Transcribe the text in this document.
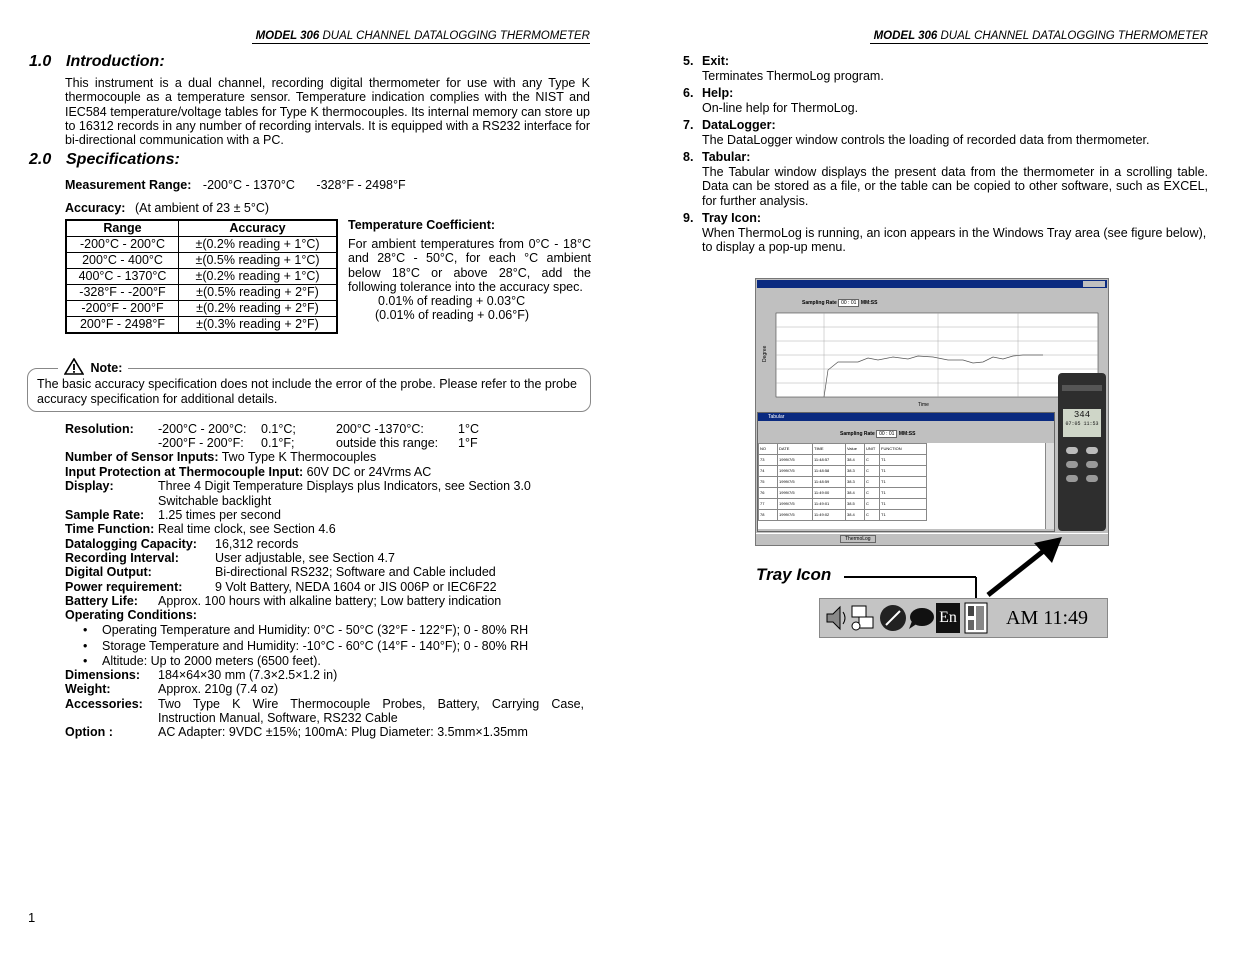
MODEL 306 DUAL CHANNEL DATALOGGING THERMOMETER	MODEL 306 DUAL CHANNEL DATALOGGING THERMOMETER
1.0 Introduction:
This instrument is a dual channel, recording digital thermometer for use with any Type K thermocouple as a temperature sensor. Temperature indication complies with the NIST and IEC584 temperature/voltage tables for Type K thermocouples. Its internal memory can store up to 16312 records in any number of recording intervals. It is equipped with a RS232 interface for bi-directional communication with a PC.
2.0 Specifications:
Measurement Range: -200°C - 1370°C -328°F - 2498°F
Accuracy: (At ambient of 23 ± 5°C)
Range	Accuracy
-200°C - 200°C	±(0.2% reading + 1°C)
200°C - 400°C	±(0.5% reading + 1°C)
400°C - 1370°C	±(0.2% reading + 1°C)
-328°F - -200°F	±(0.5% reading + 2°F)
-200°F - 200°F	±(0.2% reading + 2°F)
200°F - 2498°F	±(0.3% reading + 2°F)
Temperature Coefficient:
For ambient temperatures from 0°C - 18°C and 28°C - 50°C, for each °C ambient below 18°C or above 28°C, add the following tolerance into the accuracy spec.
0.01% of reading + 0.03°C
(0.01% of reading + 0.06°F)
Note:
The basic accuracy specification does not include the error of the probe. Please refer to the probe accuracy specification for additional details.
Resolution: -200°C - 200°C: 0.1°C;	200°C -1370°C:	1°C
-200°F - 200°F: 0.1°F;	outside this range: 1°F
Number of Sensor Inputs: Two Type K Thermocouples
Input Protection at Thermocouple Input: 60V DC or 24Vrms AC
Display:	Three 4 Digit Temperature Displays plus Indicators, see Section 3.0
Switchable backlight
Sample Rate: 1.25 times per second
Time Function: Real time clock, see Section 4.6
Datalogging Capacity: 16,312 records
Recording Interval:	User adjustable, see Section 4.7
Digital Output:	Bi-directional RS232; Software and Cable included
Power requirement:	9 Volt Battery, NEDA 1604 or JIS 006P or IEC6F22
Battery Life: Approx. 100 hours with alkaline battery; Low battery indication
Operating Conditions:
• Operating Temperature and Humidity: 0°C - 50°C (32°F - 122°F); 0 - 80% RH
• Storage Temperature and Humidity: -10°C - 60°C (14°F - 140°F); 0 - 80% RH
• Altitude: Up to 2000 meters (6500 feet).
Dimensions: 184×64×30 mm (7.3×2.5×1.2 in)
Weight:	Approx. 210g (7.4 oz)
Accessories: Two Type K Wire Thermocouple Probes, Battery, Carrying Case,
Instruction Manual, Software, RS232 Cable
Option :	AC Adapter: 9VDC ±15%; 100mA: Plug Diameter: 3.5mm×1.35mm
5. Exit:
Terminates ThermoLog program.
6. Help:
On-line help for ThermoLog.
7. DataLogger:
The DataLogger window controls the loading of recorded data from thermometer.
8. Tabular:
The Tabular window displays the present data from the thermometer in a scrolling table. Data can be stored as a file, or the table can be copied to other software, such as EXCEL, for further analysis.
9. Tray Icon:
When ThermoLog is running, an icon appears in the Windows Tray area (see figure below), to display a pop-up menu.

Sampling Rate 00 : 01 MM:SS
Time
Degree
Tabular
Sampling Rate 00 : 01 MM:SS
NO	DATE	TIME	Value	UNIT	FUNCTION
73	1999/7/5	11:48:57	38.4	C	T1
74	1999/7/5	11:48:58	38.3	C	T1
75	1999/7/5	11:48:59	38.3	C	T1
76	1999/7/5	11:49:00	38.4	C	T1
77	1999/7/5	11:49:01	38.5	C	T1
78	1999/7/5	11:49:02	38.4	C	T1
344
07:05 11:53
ThermoLog
Tray Icon
En AM 11:49
1
